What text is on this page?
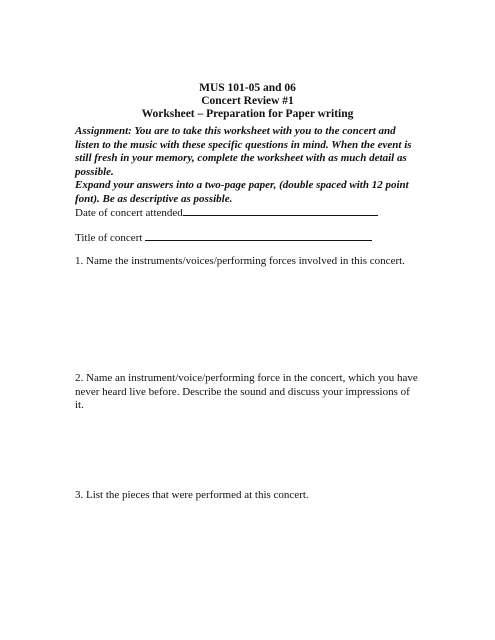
MUS 101-05 and 06
Concert Review #1
Worksheet – Preparation for Paper writing
Assignment: You are to take this worksheet with you to the concert and listen to the music with these specific questions in mind. When the event is still fresh in your memory, complete the worksheet with as much detail as possible.
Expand your answers into a two-page paper, (double spaced with 12 point font). Be as descriptive as possible.
Date of concert attended
Title of concert
1. Name the instruments/voices/performing forces involved in this concert.
2. Name an instrument/voice/performing force in the concert, which you have never heard live before. Describe the sound and discuss your impressions of it.
3. List the pieces that were performed at this concert.
